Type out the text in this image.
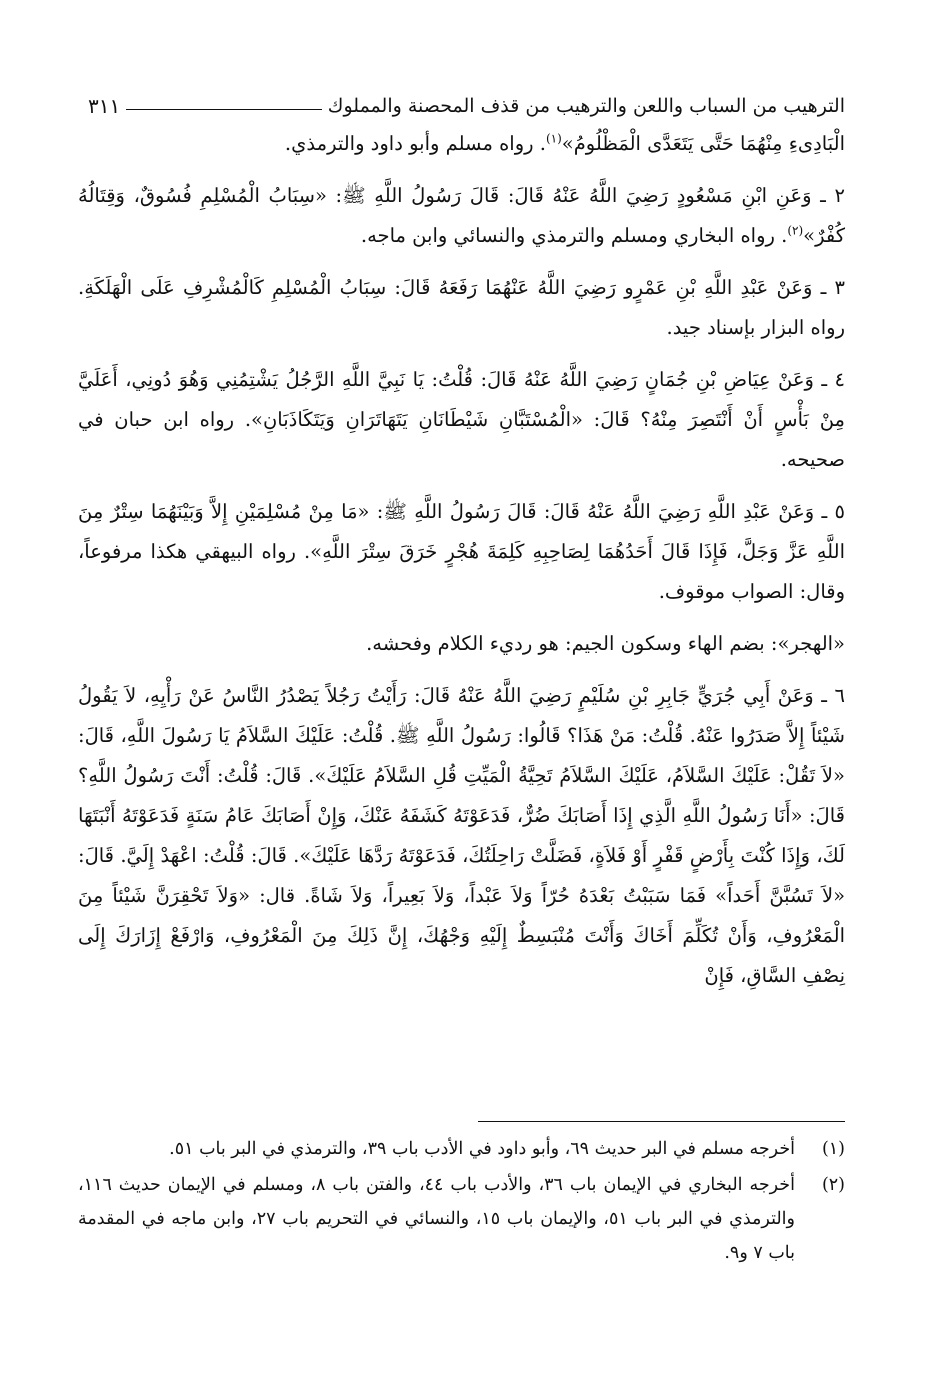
٣١١	الترهيب من السباب واللعن والترهيب من قذف المحصنة والمملوك

الْبَادِىءِ مِنْهُمَا حَتَّى يَتَعَدَّى الْمَظْلُومُ»$^{(١)}$. رواه مسلم وأبو داود والترمذي.

٢ ـ وَعَنِ ابْنِ مَسْعُودٍ رَضِيَ اللَّهُ عَنْهُ قَالَ: قَالَ رَسُولُ اللَّهِ ﷺ: «سِبَابُ الْمُسْلِمِ فُسُوقٌ، وَقِتَالُهُ كُفْرٌ»$^{(٢)}$. رواه البخاري ومسلم والترمذي والنسائي وابن ماجه.

٣ ـ وَعَنْ عَبْدِ اللَّهِ بْنِ عَمْرٍو رَضِيَ اللَّهُ عَنْهُمَا رَفَعَهُ قَالَ: سِبَابُ الْمُسْلِمِ كَالْمُشْرِفِ عَلَى الْهَلَكَةِ. رواه البزار بإسناد جيد.

٤ ـ وَعَنْ عِيَاضِ بْنِ جُمَانٍ رَضِيَ اللَّهُ عَنْهُ قَالَ: قُلْتُ: يَا نَبِيَّ اللَّهِ الرَّجُلُ يَشْتِمُنِي وَهُوَ دُونِي، أَعَلَيَّ مِنْ بَأْسٍ أَنْ أَنْتَصِرَ مِنْهُ؟ قَالَ: «الْمُسْتَبَّانِ شَيْطَانَانِ يَتَهَاتَرَانِ وَيَتَكَاذَبَانِ». رواه ابن حبان في صحيحه.

٥ ـ وَعَنْ عَبْدِ اللَّهِ رَضِيَ اللَّهُ عَنْهُ قَالَ: قَالَ رَسُولُ اللَّهِ ﷺ: «مَا مِنْ مُسْلِمَيْنِ إِلاَّ وَبَيْنَهُمَا سِتْرٌ مِنَ اللَّهِ عَزَّ وَجَلَّ، فَإِذَا قَالَ أَحَدُهُمَا لِصَاحِبِهِ كَلِمَةَ هُجْرٍ خَرَقَ سِتْرَ اللَّهِ». رواه البيهقي هكذا مرفوعاً، وقال: الصواب موقوف.

«الهجر»: بضم الهاء وسكون الجيم: هو رديء الكلام وفحشه.

٦ ـ وَعَنْ أَبِي جُرَيٍّ جَابِرِ بْنِ سُلَيْمٍ رَضِيَ اللَّهُ عَنْهُ قَالَ: رَأَيْتُ رَجُلاً يَصْدُرُ النَّاسُ عَنْ رَأْيِهِ، لاَ يَقُولُ شَيْئاً إِلاَّ صَدَرُوا عَنْهُ. قُلْتُ: مَنْ هَذَا؟ قَالُوا: رَسُولُ اللَّهِ ﷺ. قُلْتُ: عَلَيْكَ السَّلاَمُ يَا رَسُولَ اللَّهِ، قَالَ: «لاَ تَقُلْ: عَلَيْكَ السَّلاَمُ، عَلَيْكَ السَّلاَمُ تَحِيَّةُ الْمَيِّتِ قُلِ السَّلاَمُ عَلَيْكَ». قَالَ: قُلْتُ: أَنْتَ رَسُولُ اللَّهِ؟ قَالَ: «أَنَا رَسُولُ اللَّهِ الَّذِي إِذَا أَصَابَكَ ضُرٌّ، فَدَعَوْتَهُ كَشَفَهُ عَنْكَ، وَإِنْ أَصَابَكَ عَامُ سَنَةٍ فَدَعَوْتَهُ أَنْبَتَهَا لَكَ، وَإِذَا كُنْتَ بِأَرْضٍ قَفْرٍ أَوْ فَلاَةٍ، فَضَلَّتْ رَاحِلَتُكَ، فَدَعَوْتَهُ رَدَّهَا عَلَيْكَ». قَالَ: قُلْتُ: اعْهَدْ إِلَيَّ. قَالَ: «لاَ تَسُبَّنَّ أَحَداً» فَمَا سَبَبْتُ بَعْدَهُ حُرّاً وَلاَ عَبْداً، وَلاَ بَعِيراً، وَلاَ شَاةً. قال: «وَلاَ تَحْقِرَنَّ شَيْئاً مِنَ الْمَعْرُوفِ، وَأَنْ تُكَلِّمَ أَخَاكَ وَأَنْتَ مُنْبَسِطٌ إِلَيْهِ وَجْهُكَ، إِنَّ ذَلِكَ مِنَ الْمَعْرُوفِ، وَارْفَعْ إِزَارَكَ إِلَى نِصْفِ السَّاقِ، فَإِنْ

(١)
أخرجه مسلم في البر حديث ٦٩، وأبو داود في الأدب باب ٣٩، والترمذي في البر باب ٥١.
(٢)
أخرجه البخاري في الإيمان باب ٣٦، والأدب باب ٤٤، والفتن باب ٨، ومسلم في الإيمان حديث ١١٦، والترمذي في البر باب ٥١، والإيمان باب ١٥، والنسائي في التحريم باب ٢٧، وابن ماجه في المقدمة باب ٧ و٩.
